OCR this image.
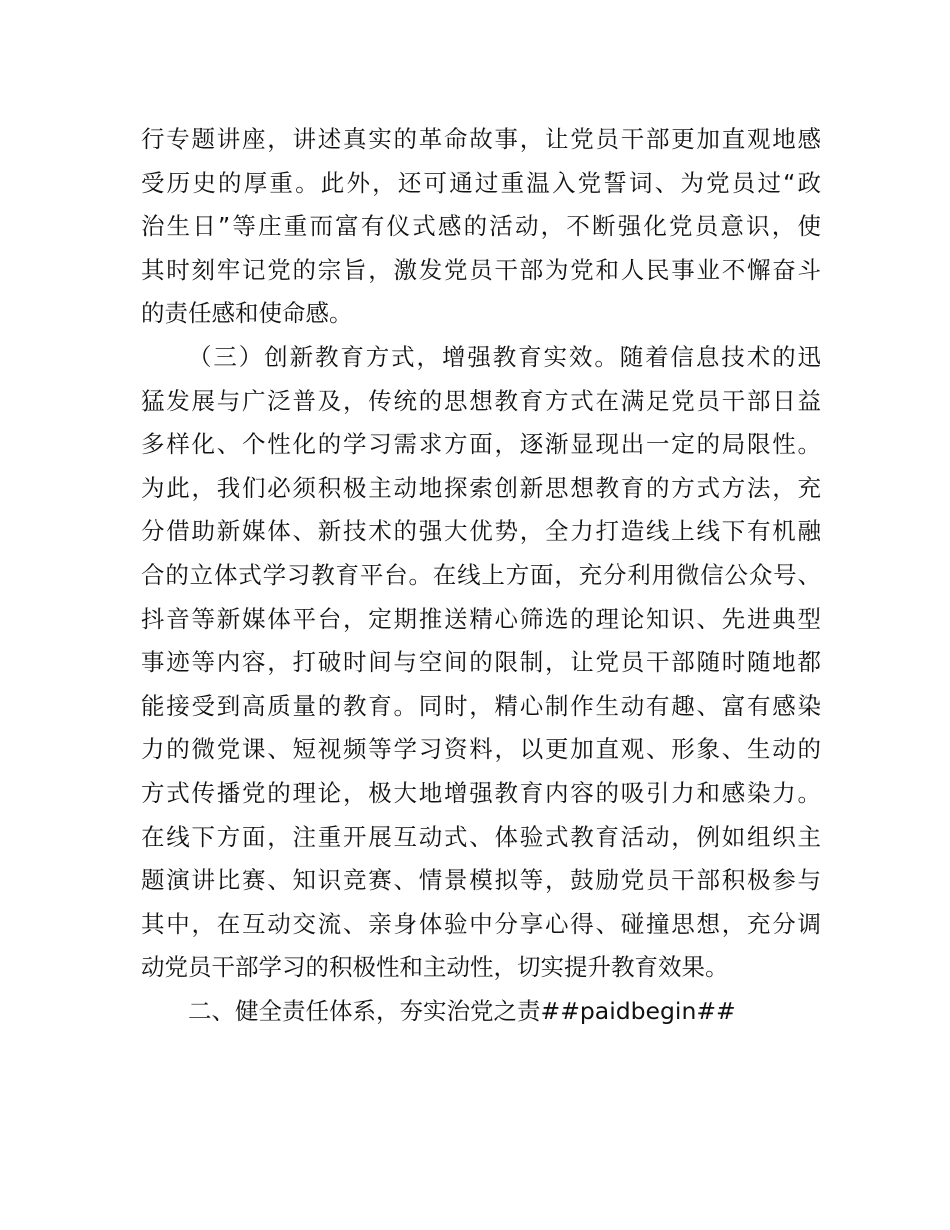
行专题讲座，讲述真实的革命故事，让党员干部更加直观地感
受历史的厚重。此外，还可通过重温入党誓词、为党员过“政
治生日”等庄重而富有仪式感的活动，不断强化党员意识，使
其时刻牢记党的宗旨，激发党员干部为党和人民事业不懈奋斗
的责任感和使命感。
（三）创新教育方式，增强教育实效。随着信息技术的迅
猛发展与广泛普及，传统的思想教育方式在满足党员干部日益
多样化、个性化的学习需求方面，逐渐显现出一定的局限性。
为此，我们必须积极主动地探索创新思想教育的方式方法，充
分借助新媒体、新技术的强大优势，全力打造线上线下有机融
合的立体式学习教育平台。在线上方面，充分利用微信公众号、
抖音等新媒体平台，定期推送精心筛选的理论知识、先进典型
事迹等内容，打破时间与空间的限制，让党员干部随时随地都
能接受到高质量的教育。同时，精心制作生动有趣、富有感染
力的微党课、短视频等学习资料，以更加直观、形象、生动的
方式传播党的理论，极大地增强教育内容的吸引力和感染力。
在线下方面，注重开展互动式、体验式教育活动，例如组织主
题演讲比赛、知识竞赛、情景模拟等，鼓励党员干部积极参与
其中，在互动交流、亲身体验中分享心得、碰撞思想，充分调
动党员干部学习的积极性和主动性，切实提升教育效果。
二、健全责任体系，夯实治党之责##paidbegin##
